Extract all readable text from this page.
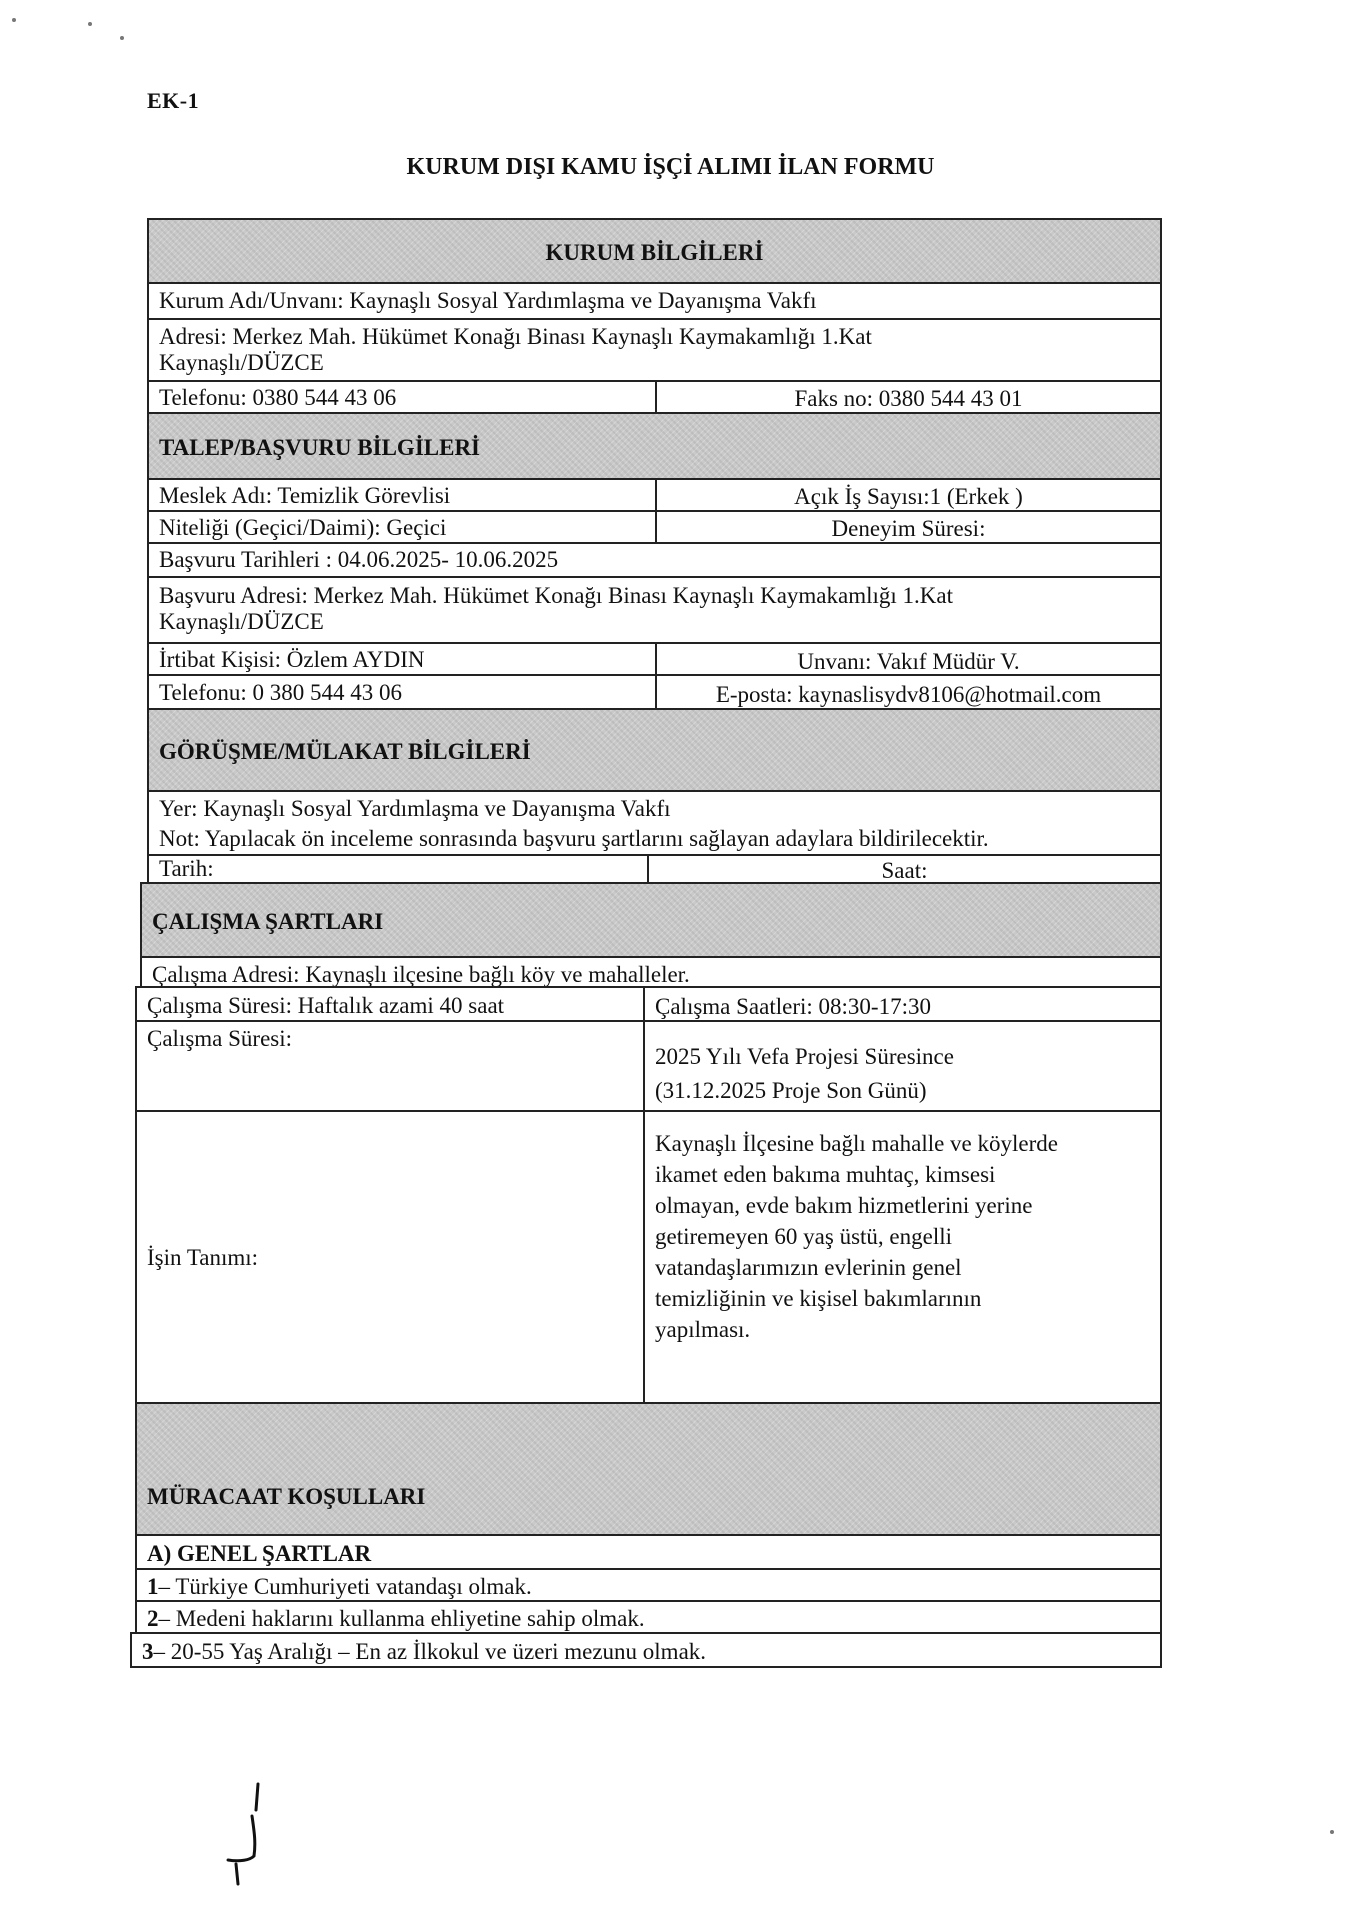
EK-1
KURUM DIŞI KAMU İŞÇİ ALIMI İLAN FORMU
KURUM BİLGİLERİ
Kurum Adı/Unvanı: Kaynaşlı Sosyal Yardımlaşma ve Dayanışma Vakfı
Adresi: Merkez Mah. Hükümet Konağı Binası Kaynaşlı Kaymakamlığı 1.Kat
Kaynaşlı/DÜZCE
Telefonu: 0380 544 43 06	Faks no: 0380 544 43 01
TALEP/BAŞVURU BİLGİLERİ
Meslek Adı: Temizlik Görevlisi	Açık İş Sayısı:1 (Erkek )
Niteliği (Geçici/Daimi): Geçici	Deneyim Süresi:
Başvuru Tarihleri : 04.06.2025- 10.06.2025
Başvuru Adresi: Merkez Mah. Hükümet Konağı Binası Kaynaşlı Kaymakamlığı 1.Kat
Kaynaşlı/DÜZCE
İrtibat Kişisi: Özlem AYDIN	Unvanı: Vakıf Müdür V.
Telefonu: 0 380 544 43 06	E-posta: kaynaslisydv8106@hotmail.com
GÖRÜŞME/MÜLAKAT BİLGİLERİ
Yer: Kaynaşlı Sosyal Yardımlaşma ve Dayanışma Vakfı
Not: Yapılacak ön inceleme sonrasında başvuru şartlarını sağlayan adaylara bildirilecektir.
Tarih:	Saat:
ÇALIŞMA ŞARTLARI
Çalışma Adresi: Kaynaşlı ilçesine bağlı köy ve mahalleler.
Çalışma Süresi: Haftalık azami 40 saat	Çalışma Saatleri: 08:30-17:30
Çalışma Süresi:
2025 Yılı Vefa Projesi Süresince
(31.12.2025 Proje Son Günü)
İşin Tanımı:
Kaynaşlı İlçesine bağlı mahalle ve köylerde
ikamet eden bakıma muhtaç, kimsesi
olmayan, evde bakım hizmetlerini yerine
getiremeyen 60 yaş üstü, engelli
vatandaşlarımızın evlerinin genel
temizliğinin ve kişisel bakımlarının
yapılması.
MÜRACAAT KOŞULLARI
A) GENEL ŞARTLAR
1– Türkiye Cumhuriyeti vatandaşı olmak.
2– Medeni haklarını kullanma ehliyetine sahip olmak.
3– 20-55 Yaş Aralığı – En az İlkokul ve üzeri mezunu olmak.
